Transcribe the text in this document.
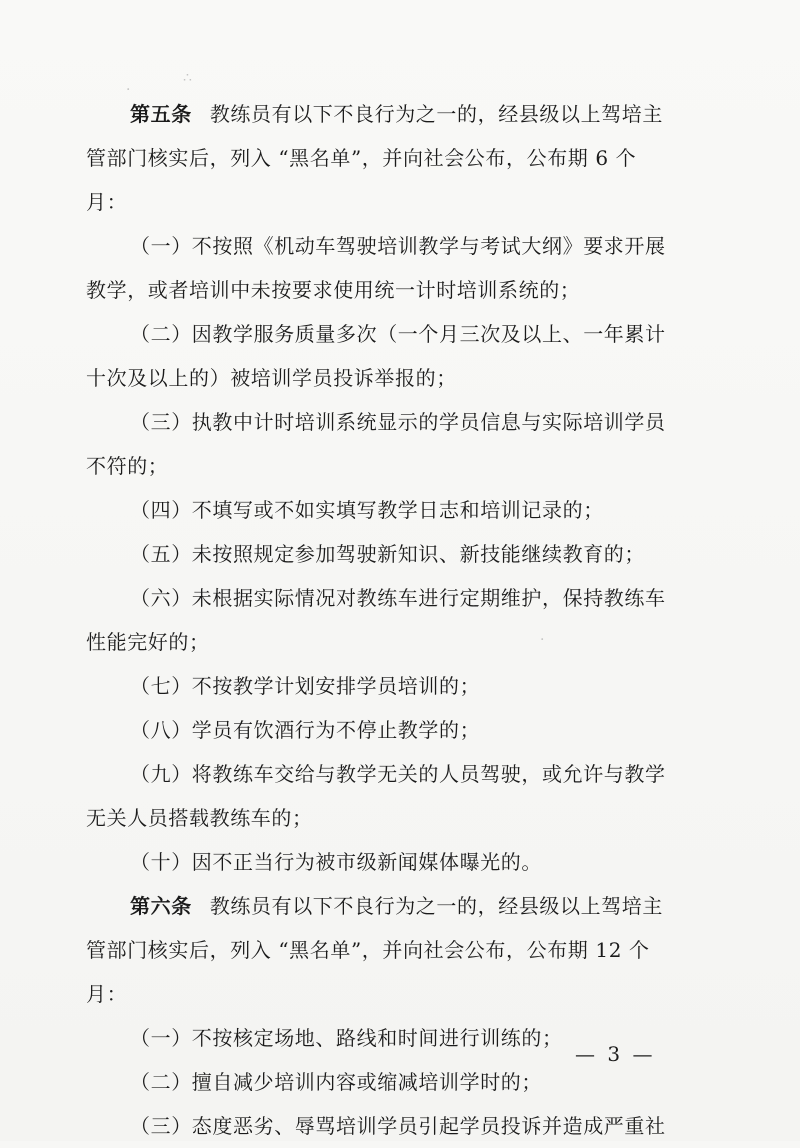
·
∴
·
第五条 教练员有以下不良行为之一的，经县级以上驾培主
管部门核实后，列入 “黑名单”，并向社会公布，公布期 6 个
月：
（一）不按照《机动车驾驶培训教学与考试大纲》要求开展
教学，或者培训中未按要求使用统一计时培训系统的；
（二）因教学服务质量多次（一个月三次及以上、一年累计
十次及以上的）被培训学员投诉举报的；
（三）执教中计时培训系统显示的学员信息与实际培训学员
不符的；
（四）不填写或不如实填写教学日志和培训记录的；
（五）未按照规定参加驾驶新知识、新技能继续教育的；
（六）未根据实际情况对教练车进行定期维护，保持教练车
性能完好的；
（七）不按教学计划安排学员培训的；
（八）学员有饮酒行为不停止教学的；
（九）将教练车交给与教学无关的人员驾驶，或允许与教学
无关人员搭载教练车的；
（十）因不正当行为被市级新闻媒体曝光的。
第六条 教练员有以下不良行为之一的，经县级以上驾培主
管部门核实后，列入 “黑名单”，并向社会公布，公布期 12 个
月：
（一）不按核定场地、路线和时间进行训练的；
（二）擅自减少培训内容或缩减培训学时的；
（三）态度恶劣、辱骂培训学员引起学员投诉并造成严重社
— 3 —
